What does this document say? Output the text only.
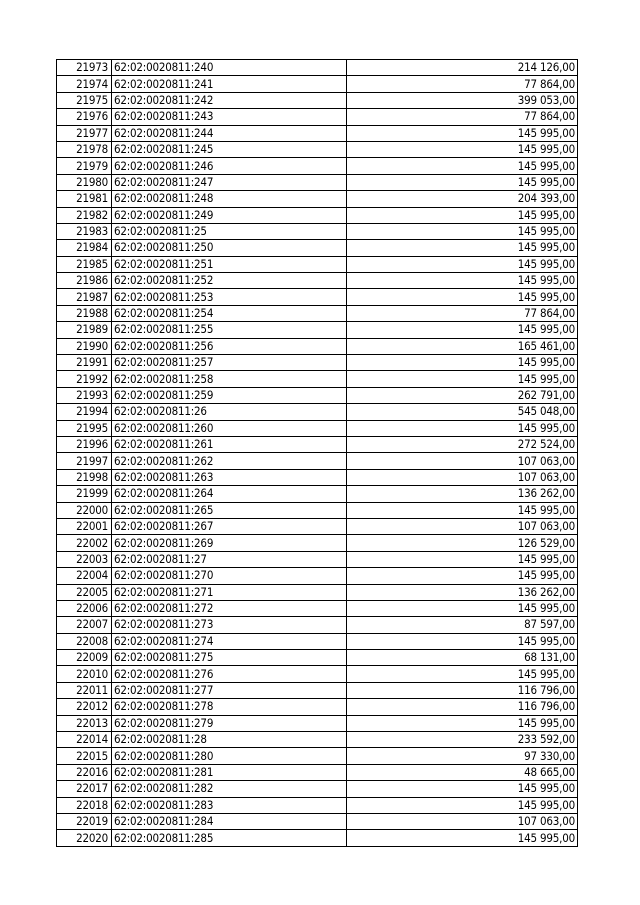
21973	62:02:0020811:240	214 126,00
21974	62:02:0020811:241	77 864,00
21975	62:02:0020811:242	399 053,00
21976	62:02:0020811:243	77 864,00
21977	62:02:0020811:244	145 995,00
21978	62:02:0020811:245	145 995,00
21979	62:02:0020811:246	145 995,00
21980	62:02:0020811:247	145 995,00
21981	62:02:0020811:248	204 393,00
21982	62:02:0020811:249	145 995,00
21983	62:02:0020811:25	145 995,00
21984	62:02:0020811:250	145 995,00
21985	62:02:0020811:251	145 995,00
21986	62:02:0020811:252	145 995,00
21987	62:02:0020811:253	145 995,00
21988	62:02:0020811:254	77 864,00
21989	62:02:0020811:255	145 995,00
21990	62:02:0020811:256	165 461,00
21991	62:02:0020811:257	145 995,00
21992	62:02:0020811:258	145 995,00
21993	62:02:0020811:259	262 791,00
21994	62:02:0020811:26	545 048,00
21995	62:02:0020811:260	145 995,00
21996	62:02:0020811:261	272 524,00
21997	62:02:0020811:262	107 063,00
21998	62:02:0020811:263	107 063,00
21999	62:02:0020811:264	136 262,00
22000	62:02:0020811:265	145 995,00
22001	62:02:0020811:267	107 063,00
22002	62:02:0020811:269	126 529,00
22003	62:02:0020811:27	145 995,00
22004	62:02:0020811:270	145 995,00
22005	62:02:0020811:271	136 262,00
22006	62:02:0020811:272	145 995,00
22007	62:02:0020811:273	87 597,00
22008	62:02:0020811:274	145 995,00
22009	62:02:0020811:275	68 131,00
22010	62:02:0020811:276	145 995,00
22011	62:02:0020811:277	116 796,00
22012	62:02:0020811:278	116 796,00
22013	62:02:0020811:279	145 995,00
22014	62:02:0020811:28	233 592,00
22015	62:02:0020811:280	97 330,00
22016	62:02:0020811:281	48 665,00
22017	62:02:0020811:282	145 995,00
22018	62:02:0020811:283	145 995,00
22019	62:02:0020811:284	107 063,00
22020	62:02:0020811:285	145 995,00
